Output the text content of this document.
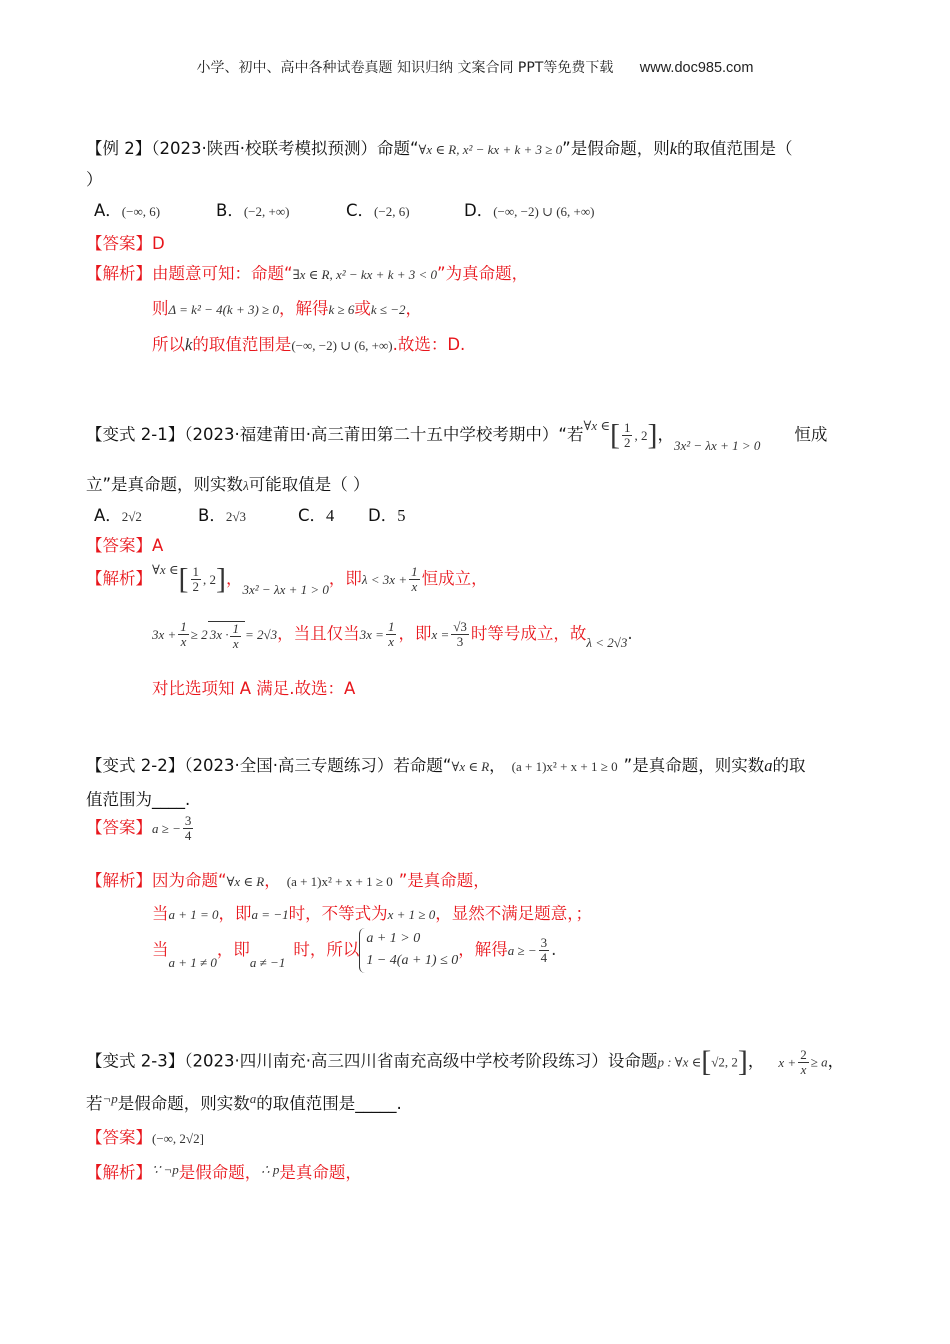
小学、初中、高中各种试卷真题 知识归纳 文案合同 PPT等免费下载 www.doc985.com
【例 2】（2023·陕西·校联考模拟预测）命题“∀x ∈ R, x² − kx + k + 3 ≥ 0”是假命题，则k的取值范围是（
）
A．(−∞, 6)	B．(−2, +∞)	C．(−2, 6)	D．(−∞, −2) ∪ (6, +∞)
【答案】D
【解析】由题意可知：命题“∃x ∈ R, x² − kx + k + 3 < 0”为真命题，
则Δ = k² − 4(k + 3) ≥ 0，解得k ≥ 6或k ≤ −2，
所以k的取值范围是(−∞, −2) ∪ (6, +∞).故选：D.
【变式 2-1】（2023·福建莆田·高三莆田第二十五中学校考期中）“若$^{\forall x \in}[ \frac{1}{2}$ , 2]，$_{3x^2 - \lambda x + 1 > 0}$恒成
立”是真命题，则实数λ可能取值是（ ）
A．2√2	B．2√3	C．4 D．5
【答案】A
【解析】$^{\forall x \in}[ \frac{1}{2}$ , 2]，$_{3x^2 - \lambda x + 1 > 0}$，即$\lambda < 3x + \frac{1}{x}$ 恒成立，
$3x + \frac{1}{x} \ge 2$ $3x \cdot \frac{1}{x} = 2√3$，当且仅当$3x = \frac{1}{x}$ ，即$x = \frac{√3}{3}$ 时等号成立，故$_{\lambda < 2√3}$.
对比选项知 A 满足.故选：A
【变式 2-2】（2023·全国·高三专题练习）若命题“∀x ∈ R， (a + 1)x² + x + 1 ≥ 0 ”是真命题，则实数a的取
值范围为____.
【答案】a ≥ − $\frac{3}{4}$
【解析】因为命题“∀x ∈ R， (a + 1)x² + x + 1 ≥ 0 ”是真命题，
当a + 1 = 0，即a = −1时，不等式为x + 1 ≥ 0，显然不满足题意，；
当$_{a + 1 \ne 0}$，即$_{a \ne -1}$时，所以
a + 1 > 0
1 − 4(a + 1) ≤ 0
，解得a ≥ − $\frac{3}{4}$ .
【变式 2-3】（2023·四川南充·高三四川省南充高级中学校考阶段练习）设命题p : ∀x ∈[√2, 2]， $x + \frac{2}{x} \ge a$，
若$^{\neg p}$是假命题，则实数$^a$的取值范围是_____.
【答案】(−∞, 2√2]
【解析】$^{\because \neg p}$是假命题，$^{\therefore p}$是真命题，
